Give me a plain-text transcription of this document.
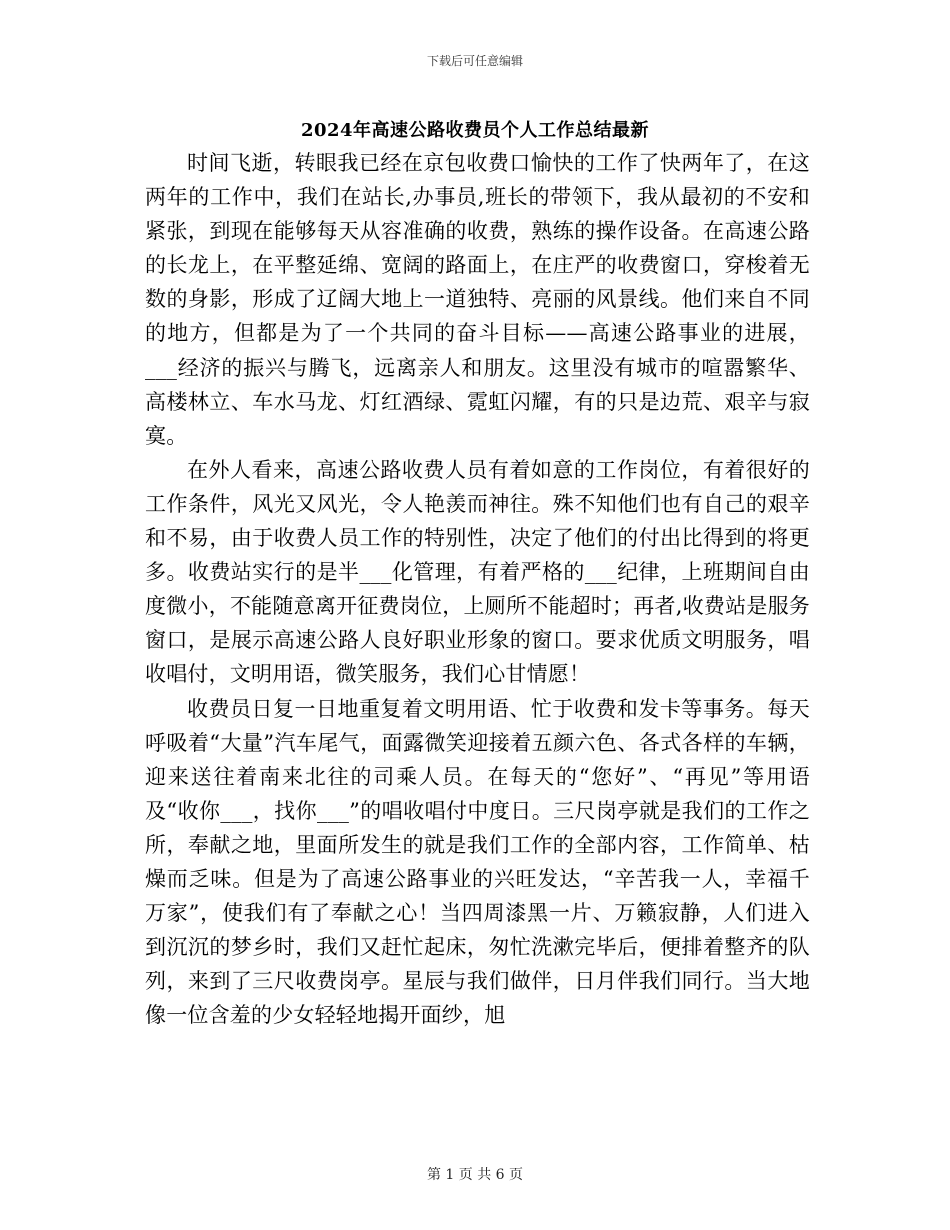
下载后可任意编辑
2024年高速公路收费员个人工作总结最新

时间飞逝，转眼我已经在京包收费口愉快的工作了快两年了，在这两年的工作中，我们在站长,办事员,班长的带领下，我从最初的不安和紧张，到现在能够每天从容准确的收费，熟练的操作设备。在高速公路的长龙上，在平整延绵、宽阔的路面上，在庄严的收费窗口，穿梭着无数的身影，形成了辽阔大地上一道独特、亮丽的风景线。他们来自不同的地方，但都是为了一个共同的奋斗目标——高速公路事业的进展，___经济的振兴与腾飞，远离亲人和朋友。这里没有城市的喧嚣繁华、高楼林立、车水马龙、灯红酒绿、霓虹闪耀，有的只是边荒、艰辛与寂寞。

在外人看来，高速公路收费人员有着如意的工作岗位，有着很好的工作条件，风光又风光，令人艳羡而神往。殊不知他们也有自己的艰辛和不易，由于收费人员工作的特别性，决定了他们的付出比得到的将更多。收费站实行的是半___化管理，有着严格的___纪律，上班期间自由度微小，不能随意离开征费岗位，上厕所不能超时；再者,收费站是服务窗口，是展示高速公路人良好职业形象的窗口。要求优质文明服务，唱收唱付，文明用语，微笑服务，我们心甘情愿！

收费员日复一日地重复着文明用语、忙于收费和发卡等事务。每天呼吸着“大量”汽车尾气，面露微笑迎接着五颜六色、各式各样的车辆，迎来送往着南来北往的司乘人员。在每天的“您好”、“再见”等用语及“收你___，找你___”的唱收唱付中度日。三尺岗亭就是我们的工作之所，奉献之地，里面所发生的就是我们工作的全部内容，工作简单、枯燥而乏味。但是为了高速公路事业的兴旺发达，“辛苦我一人，幸福千万家”，使我们有了奉献之心！当四周漆黑一片、万籁寂静，人们进入到沉沉的梦乡时，我们又赶忙起床，匆忙洗漱完毕后，便排着整齐的队列，来到了三尺收费岗亭。星辰与我们做伴，日月伴我们同行。当大地像一位含羞的少女轻轻地揭开面纱，旭

第 1 页 共 6 页
